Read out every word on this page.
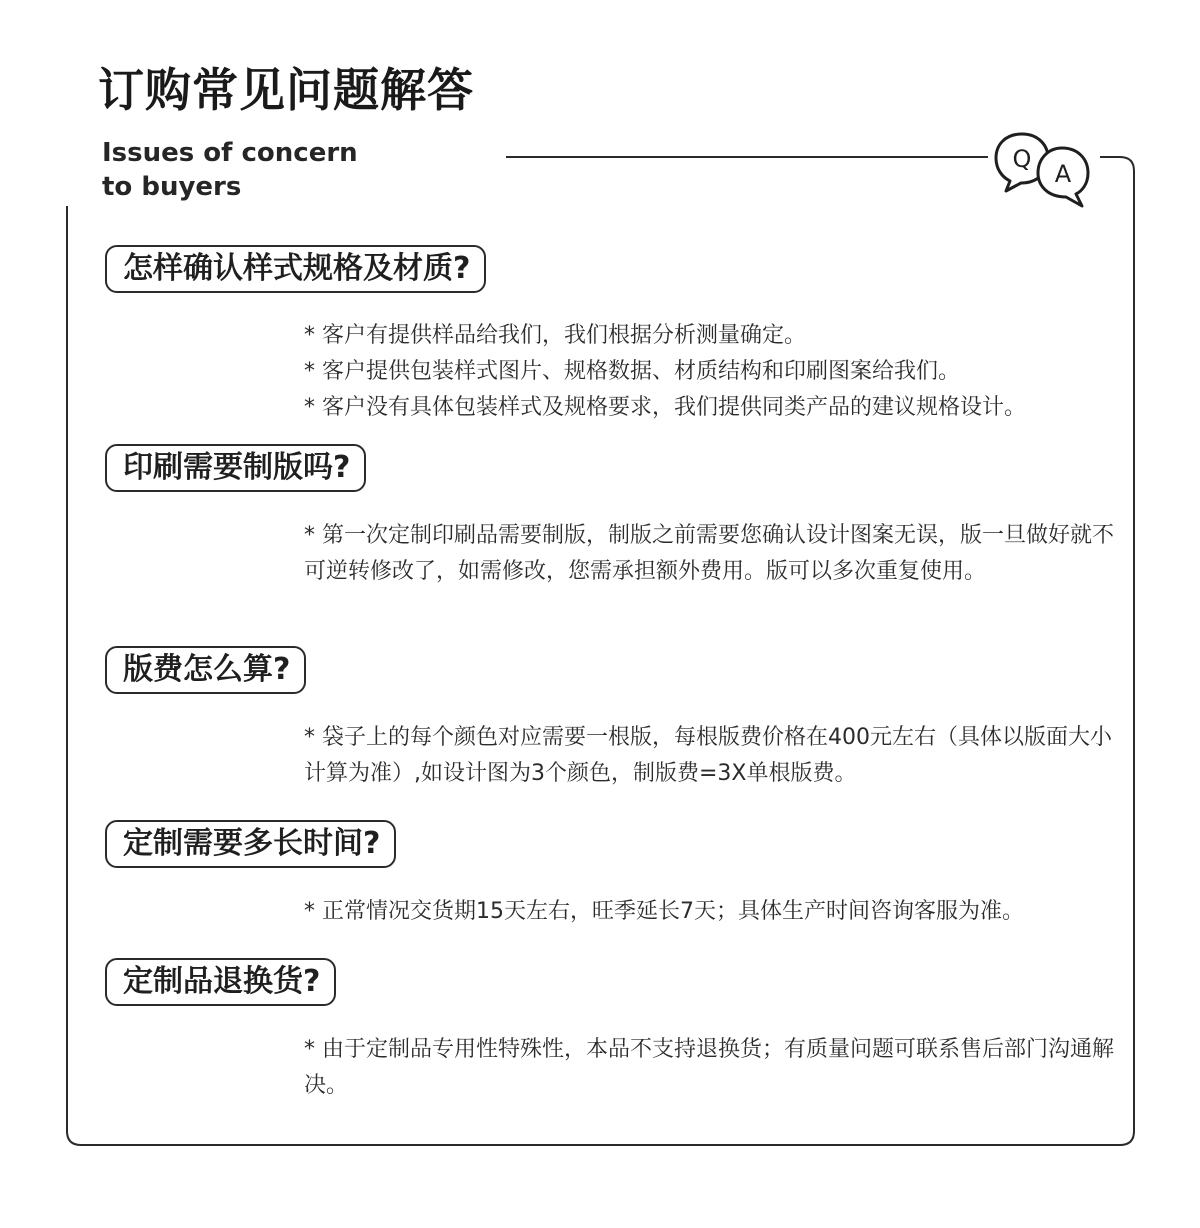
订购常见问题解答
Issues of concern
to buyers
Q
A
怎样确认样式规格及材质?

* 客户有提供样品给我们，我们根据分析测量确定。

* 客户提供包装样式图片、规格数据、材质结构和印刷图案给我们。

* 客户没有具体包装样式及规格要求，我们提供同类产品的建议规格设计。

印刷需要制版吗?

* 第一次定制印刷品需要制版，制版之前需要您确认设计图案无误，版一旦做好就不可逆转修改了，如需修改，您需承担额外费用。版可以多次重复使用。

版费怎么算?

* 袋子上的每个颜色对应需要一根版，每根版费价格在400元左右（具体以版面大小计算为准）,如设计图为3个颜色，制版费=3X单根版费。

定制需要多长时间?

* 正常情况交货期15天左右，旺季延长7天；具体生产时间咨询客服为准。

定制品退换货?

* 由于定制品专用性特殊性，本品不支持退换货；有质量问题可联系售后部门沟通解决。
